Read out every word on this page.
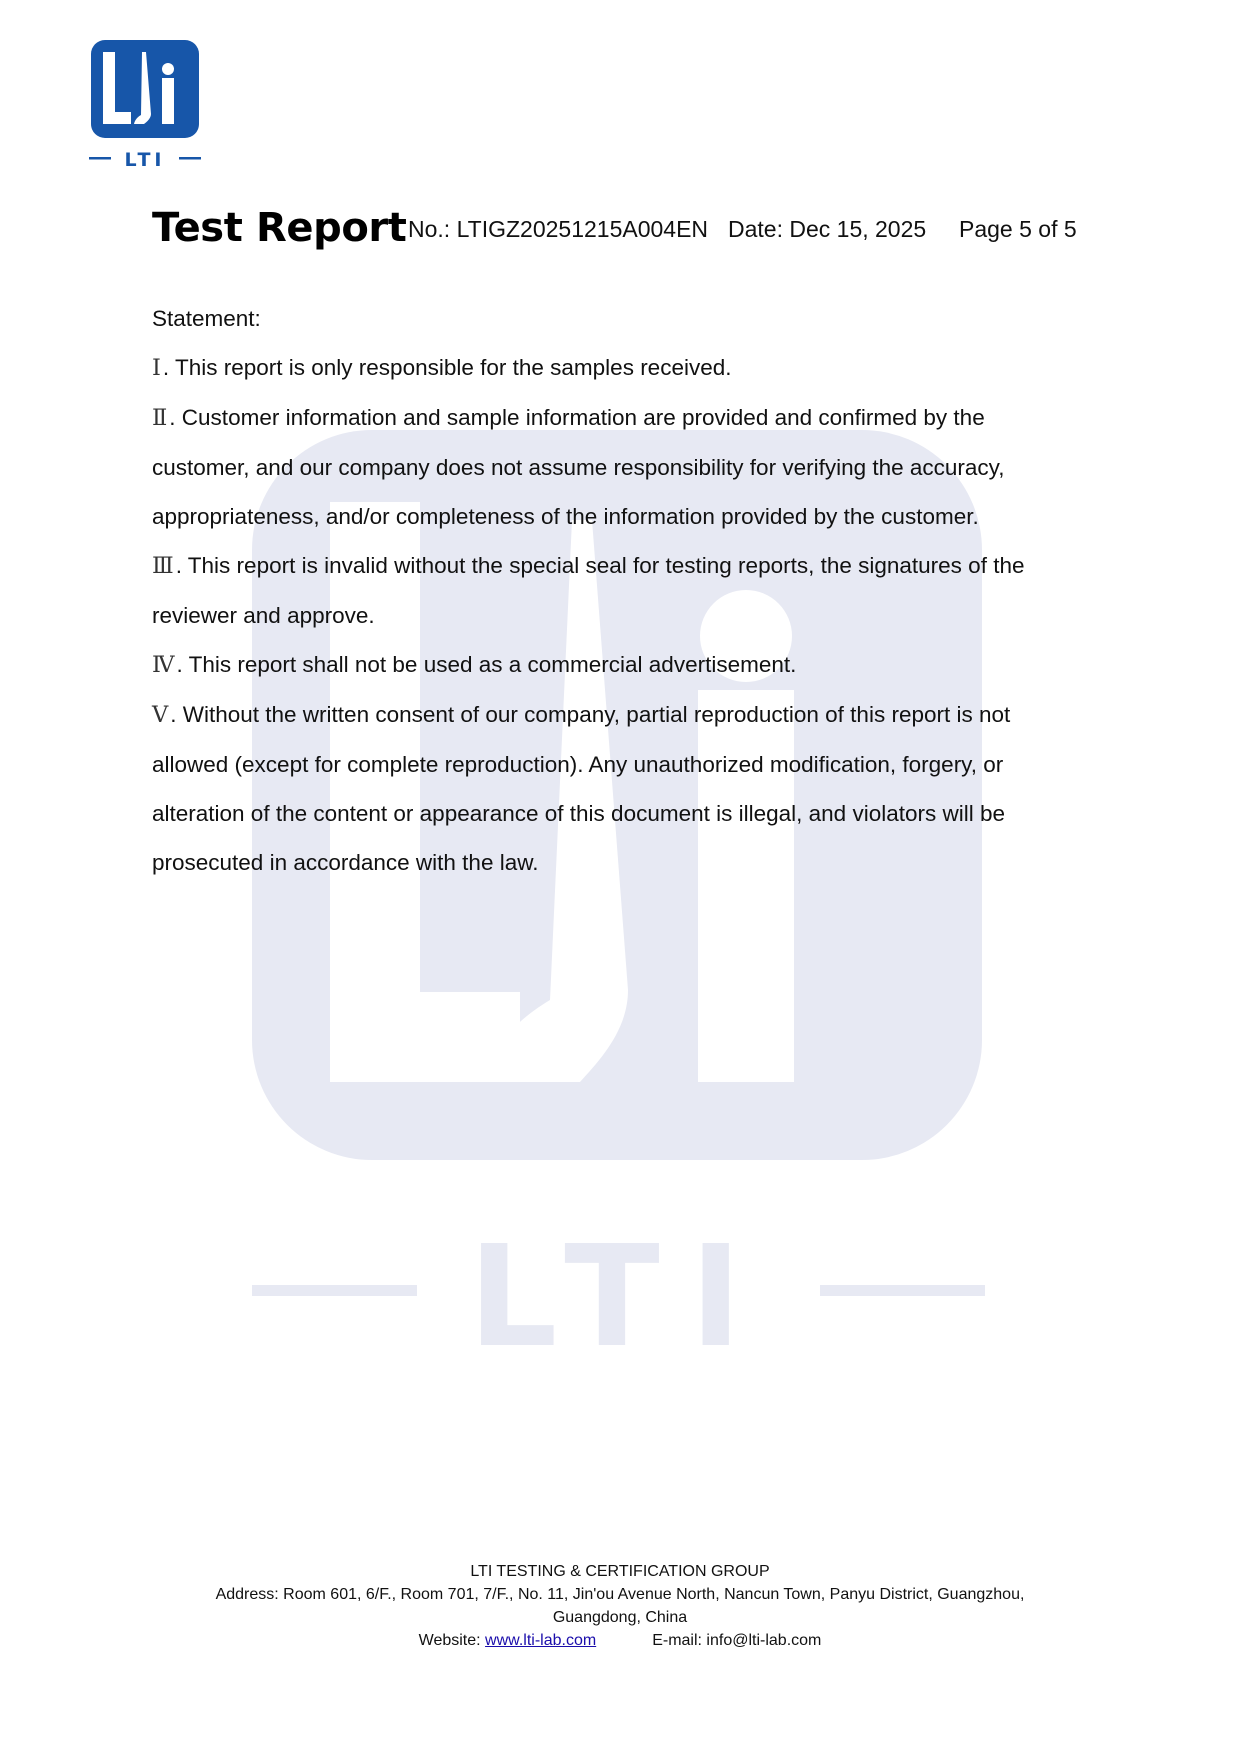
LTI
LTI
Test Report No.: LTIGZ20251215A004EN Date: Dec 15, 2025 Page 5 of 5

Statement:

Ⅰ. This report is only responsible for the samples received.

Ⅱ. Customer information and sample information are provided and confirmed by the

customer, and our company does not assume responsibility for verifying the accuracy,

appropriateness, and/or completeness of the information provided by the customer.

Ⅲ. This report is invalid without the special seal for testing reports, the signatures of the

reviewer and approve.

Ⅳ. This report shall not be used as a commercial advertisement.

Ⅴ. Without the written consent of our company, partial reproduction of this report is not

allowed (except for complete reproduction). Any unauthorized modification, forgery, or

alteration of the content or appearance of this document is illegal, and violators will be

prosecuted in accordance with the law.

LTI TESTING & CERTIFICATION GROUP

Address: Room 601, 6/F., Room 701, 7/F., No. 11, Jin'ou Avenue North, Nancun Town, Panyu District, Guangzhou,

Guangdong, China

Website: www.lti-lab.com	E-mail: info@lti-lab.com
